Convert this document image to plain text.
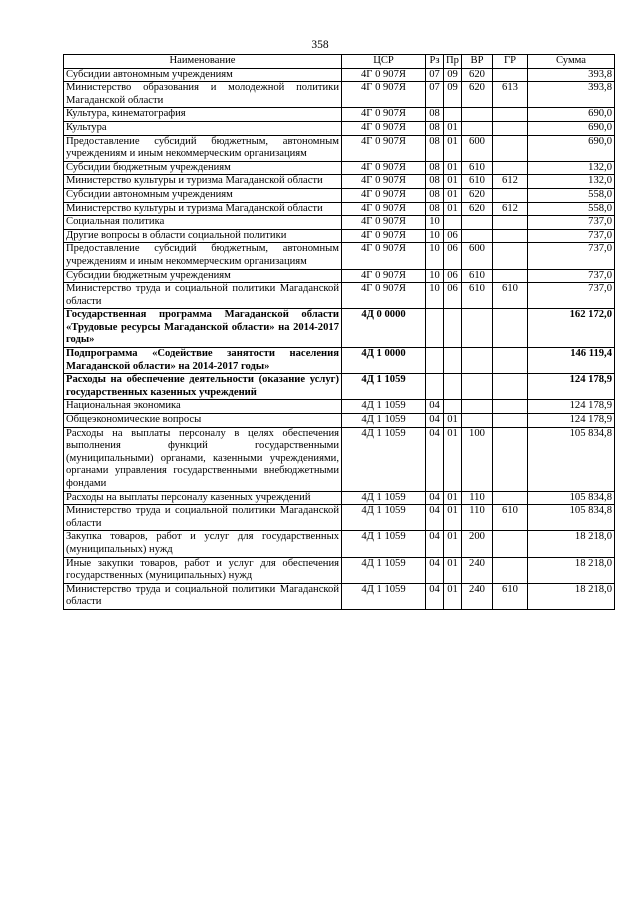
358
Наименование	ЦСР	Рз	Пр	ВР	ГР	Сумма
Субсидии автономным учреждениям	4Г 0 907Я	07	09	620		393,8
Министерство образования и молодежной политики Магаданской области	4Г 0 907Я	07	09	620	613	393,8
Культура, кинематография	4Г 0 907Я	08				690,0
Культура	4Г 0 907Я	08	01			690,0
Предоставление субсидий бюджетным, автономным учреждениям и иным некоммерческим организациям	4Г 0 907Я	08	01	600		690,0
Субсидии бюджетным учреждениям	4Г 0 907Я	08	01	610		132,0
Министерство культуры и туризма Магаданской области	4Г 0 907Я	08	01	610	612	132,0
Субсидии автономным учреждениям	4Г 0 907Я	08	01	620		558,0
Министерство культуры и туризма Магаданской области	4Г 0 907Я	08	01	620	612	558,0
Социальная политика	4Г 0 907Я	10				737,0
Другие вопросы в области социальной политики	4Г 0 907Я	10	06			737,0
Предоставление субсидий бюджетным, автономным учреждениям и иным некоммерческим организациям	4Г 0 907Я	10	06	600		737,0
Субсидии бюджетным учреждениям	4Г 0 907Я	10	06	610		737,0
Министерство труда и социальной политики Магаданской области	4Г 0 907Я	10	06	610	610	737,0
Государственная программа Магаданской области «Трудовые ресурсы Магаданской области» на 2014-2017 годы»	4Д 0 0000					162 172,0
Подпрограмма «Содействие занятости населения Магаданской области» на 2014-2017 годы»	4Д 1 0000					146 119,4
Расходы на обеспечение деятельности (оказание услуг) государственных казенных учреждений	4Д 1 1059					124 178,9
Национальная экономика	4Д 1 1059	04				124 178,9
Общеэкономические вопросы	4Д 1 1059	04	01			124 178,9
Расходы на выплаты персоналу в целях обеспечения выполнения функций государственными (муниципальными) органами, казенными учреждениями, органами управления государственными внебюджетными фондами	4Д 1 1059	04	01	100		105 834,8
Расходы на выплаты персоналу казенных учреждений	4Д 1 1059	04	01	110		105 834,8
Министерство труда и социальной политики Магаданской области	4Д 1 1059	04	01	110	610	105 834,8
Закупка товаров, работ и услуг для государственных (муниципальных) нужд	4Д 1 1059	04	01	200		18 218,0
Иные закупки товаров, работ и услуг для обеспечения государственных (муниципальных) нужд	4Д 1 1059	04	01	240		18 218,0
Министерство труда и социальной политики Магаданской области	4Д 1 1059	04	01	240	610	18 218,0
